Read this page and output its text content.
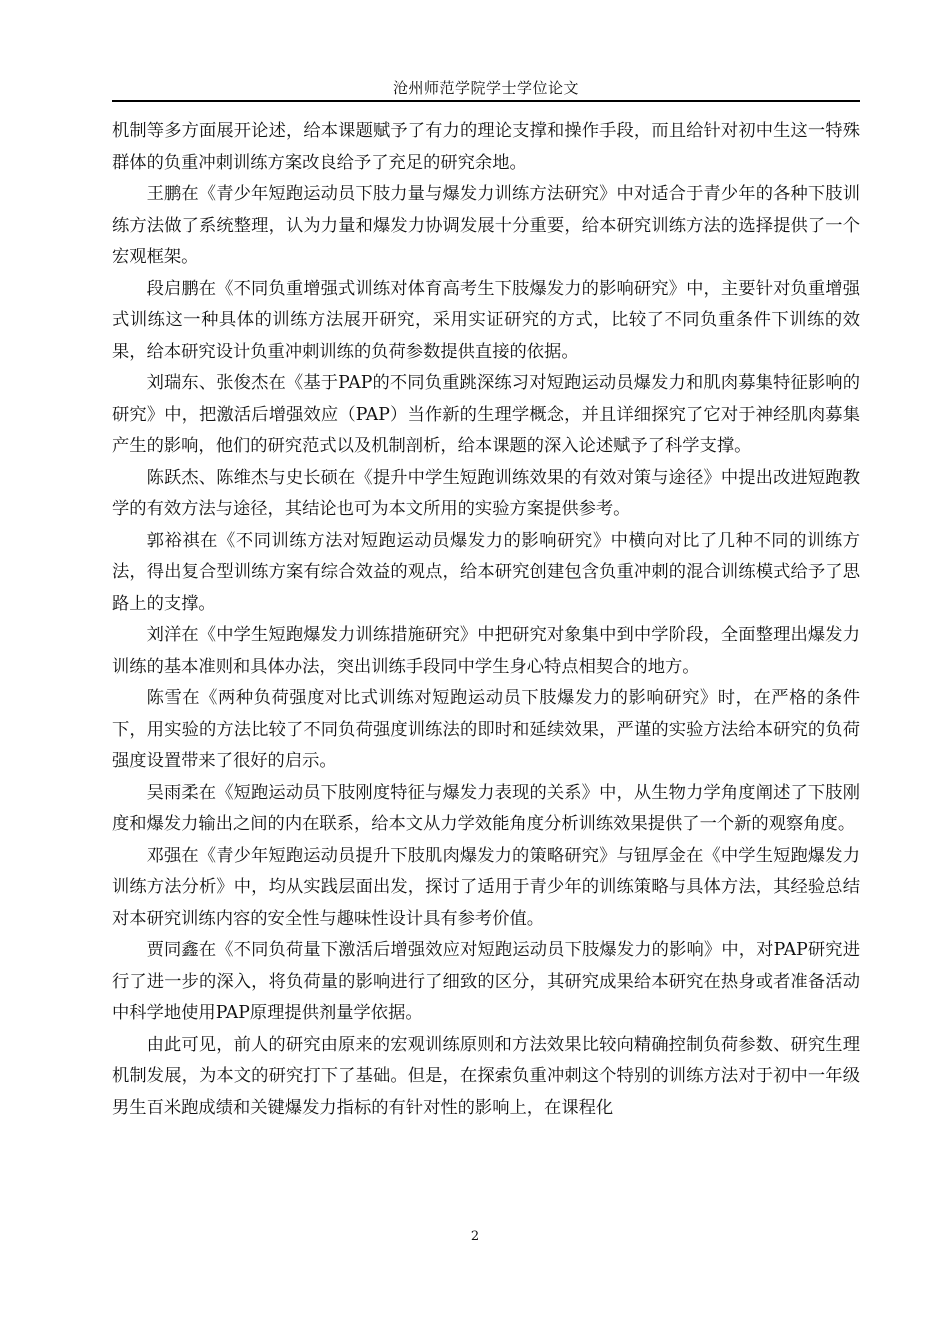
沧州师范学院学士学位论文

机制等多方面展开论述，给本课题赋予了有力的理论支撑和操作手段，而且给针对初中生这一特殊群体的负重冲刺训练方案改良给予了充足的研究余地。

王鹏在《青少年短跑运动员下肢力量与爆发力训练方法研究》中对适合于青少年的各种下肢训练方法做了系统整理，认为力量和爆发力协调发展十分重要，给本研究训练方法的选择提供了一个宏观框架。

段启鹏在《不同负重增强式训练对体育高考生下肢爆发力的影响研究》中，主要针对负重增强式训练这一种具体的训练方法展开研究，采用实证研究的方式，比较了不同负重条件下训练的效果，给本研究设计负重冲刺训练的负荷参数提供直接的依据。

刘瑞东、张俊杰在《基于PAP的不同负重跳深练习对短跑运动员爆发力和肌肉募集特征影响的研究》中，把激活后增强效应（PAP）当作新的生理学概念，并且详细探究了它对于神经肌肉募集产生的影响，他们的研究范式以及机制剖析，给本课题的深入论述赋予了科学支撑。

陈跃杰、陈维杰与史长硕在《提升中学生短跑训练效果的有效对策与途径》中提出改进短跑教学的有效方法与途径，其结论也可为本文所用的实验方案提供参考。

郭裕祺在《不同训练方法对短跑运动员爆发力的影响研究》中横向对比了几种不同的训练方法，得出复合型训练方案有综合效益的观点，给本研究创建包含负重冲刺的混合训练模式给予了思路上的支撑。

刘洋在《中学生短跑爆发力训练措施研究》中把研究对象集中到中学阶段，全面整理出爆发力训练的基本准则和具体办法，突出训练手段同中学生身心特点相契合的地方。

陈雪在《两种负荷强度对比式训练对短跑运动员下肢爆发力的影响研究》时，在严格的条件下，用实验的方法比较了不同负荷强度训练法的即时和延续效果，严谨的实验方法给本研究的负荷强度设置带来了很好的启示。

吴雨柔在《短跑运动员下肢刚度特征与爆发力表现的关系》中，从生物力学角度阐述了下肢刚度和爆发力输出之间的内在联系，给本文从力学效能角度分析训练效果提供了一个新的观察角度。

邓强在《青少年短跑运动员提升下肢肌肉爆发力的策略研究》与钮厚金在《中学生短跑爆发力训练方法分析》中，均从实践层面出发，探讨了适用于青少年的训练策略与具体方法，其经验总结对本研究训练内容的安全性与趣味性设计具有参考价值。

贾同鑫在《不同负荷量下激活后增强效应对短跑运动员下肢爆发力的影响》中，对PAP研究进行了进一步的深入，将负荷量的影响进行了细致的区分，其研究成果给本研究在热身或者准备活动中科学地使用PAP原理提供剂量学依据。

由此可见，前人的研究由原来的宏观训练原则和方法效果比较向精确控制负荷参数、研究生理机制发展，为本文的研究打下了基础。但是，在探索负重冲刺这个特别的训练方法对于初中一年级男生百米跑成绩和关键爆发力指标的有针对性的影响上，在课程化

2
